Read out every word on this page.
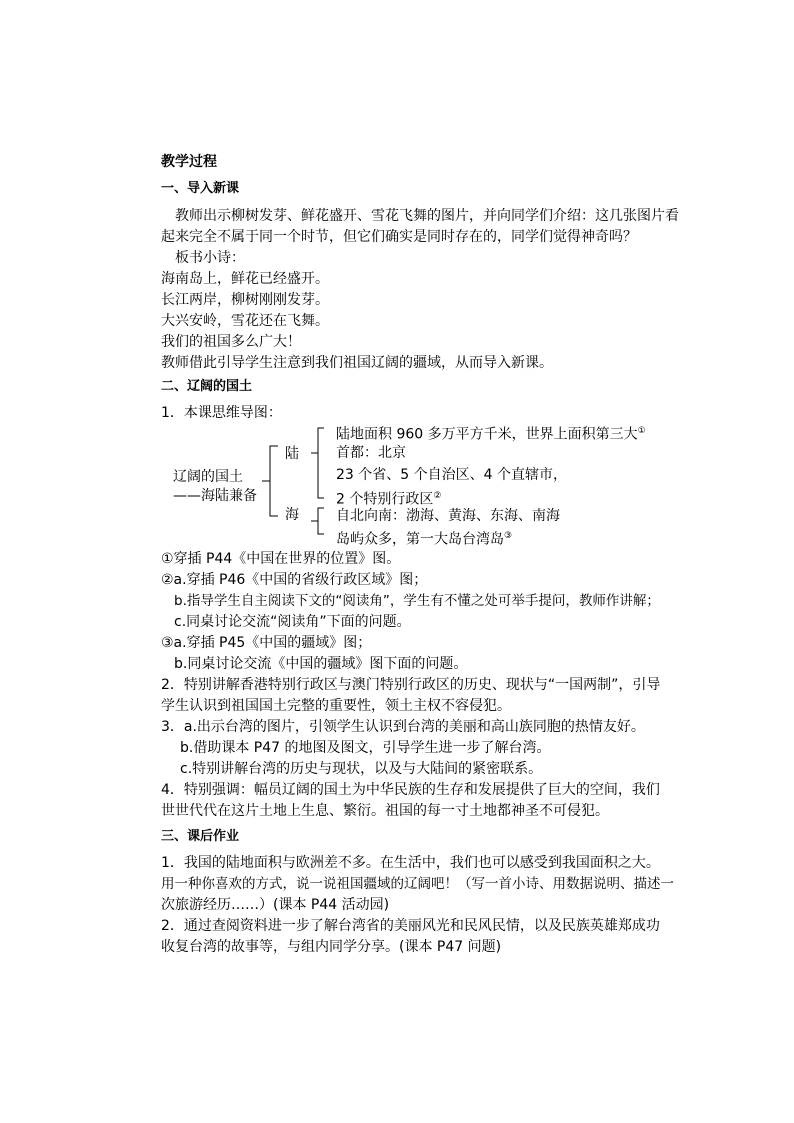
教学过程
一、导入新课
教师出示柳树发芽、鲜花盛开、雪花飞舞的图片，并向同学们介绍：这几张图片看
起来完全不属于同一个时节，但它们确实是同时存在的，同学们觉得神奇吗？
板书小诗：
海南岛上，鲜花已经盛开。
长江两岸，柳树刚刚发芽。
大兴安岭，雪花还在飞舞。
我们的祖国多么广大！
教师借此引导学生注意到我们祖国辽阔的疆域，从而导入新课。
二、辽阔的国土
1．本课思维导图：
辽阔的国土
——海陆兼备
陆
海
陆地面积 960 多万平方千米，世界上面积第三大①
首都：北京
23 个省、5 个自治区、4 个直辖市，
2 个特别行政区②
自北向南：渤海、黄海、东海、南海
岛屿众多，第一大岛台湾岛③
①穿插 P44《中国在世界的位置》图。
②a.穿插 P46《中国的省级行政区域》图；
b.指导学生自主阅读下文的“阅读角”，学生有不懂之处可举手提问，教师作讲解；
c.同桌讨论交流“阅读角”下面的问题。
③a.穿插 P45《中国的疆域》图；
b.同桌讨论交流《中国的疆域》图下面的问题。
2．特别讲解香港特别行政区与澳门特别行政区的历史、现状与“一国两制”，引导
学生认识到祖国国土完整的重要性，领土主权不容侵犯。
3．a.出示台湾的图片，引领学生认识到台湾的美丽和高山族同胞的热情友好。
b.借助课本 P47 的地图及图文，引导学生进一步了解台湾。
c.特别讲解台湾的历史与现状，以及与大陆间的紧密联系。
4．特别强调：幅员辽阔的国土为中华民族的生存和发展提供了巨大的空间，我们
世世代代在这片土地上生息、繁衍。祖国的每一寸土地都神圣不可侵犯。
三、课后作业
1．我国的陆地面积与欧洲差不多。在生活中，我们也可以感受到我国面积之大。
用一种你喜欢的方式，说一说祖国疆域的辽阔吧！（写一首小诗、用数据说明、描述一
次旅游经历……）(课本 P44 活动园)
2．通过查阅资料进一步了解台湾省的美丽风光和民风民情，以及民族英雄郑成功
收复台湾的故事等，与组内同学分享。(课本 P47 问题)
